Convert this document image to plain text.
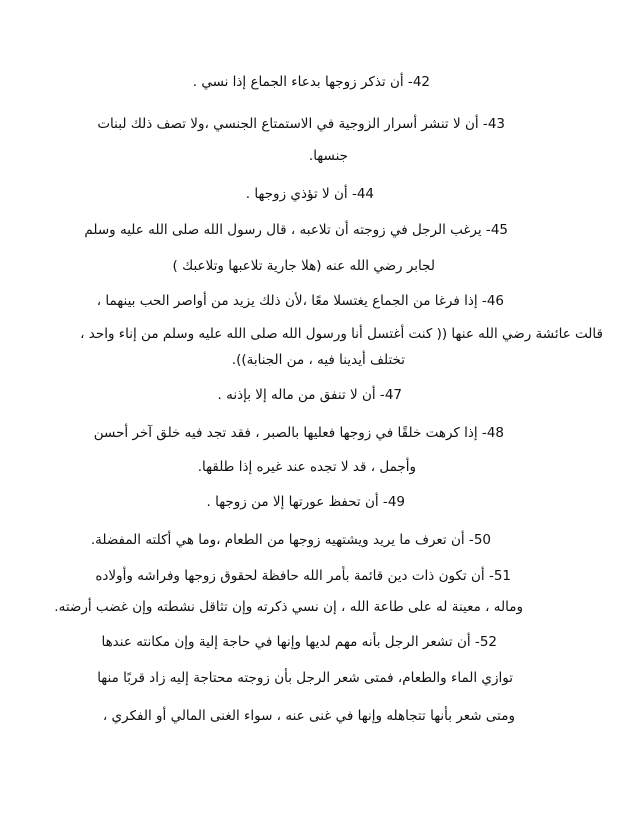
42- أن تذكر زوجها بدعاء الجماع إذا نسي .
43- أن لا تنشر أسرار الزوجية في الاستمتاع الجنسي ،ولا تصف ذلك لبنات
جنسها.
44- أن لا تؤذي زوجها .
45- يرغب الرجل في زوجته أن تلاعبه ، قال رسول الله صلى الله عليه وسلم
لجابر رضي الله عنه (هلا جارية تلاعبها وتلاعبك )
46- إذا فرغا من الجماع يغتسلا معًا ،لأن ذلك يزيد من أواصر الحب بينهما ،
قالت عائشة رضي الله عنها (( كنت أغتسل أنا ورسول الله صلى الله عليه وسلم من إناء واحد ،
تختلف أيدينا فيه ، من الجنابة)).
47- أن لا تنفق من ماله إلا بإذنه .
48- إذا كرهت خلقًا في زوجها فعليها بالصبر ، فقد تجد فيه خلق آخر أحسن
وأجمل ، قد لا تجده عند غيره إذا طلقها.
49- أن تحفظ عورتها إلا من زوجها .
50- أن تعرف ما يريد ويشتهيه زوجها من الطعام ،وما هي أكلته المفضلة.
51- أن تكون ذات دين قائمة بأمر الله حافظة لحقوق زوجها وفراشه وأولاده
وماله ، معينة له على طاعة الله ، إن نسي ذكرته وإن تثاقل نشطته وإن غضب أرضته.
52- أن تشعر الرجل بأنه مهم لديها وإنها في حاجة إلية وإن مكانته عندها
توازي الماء والطعام، فمتى شعر الرجل بأن زوجته محتاجة إليه زاد قربًا منها
ومتى شعر بأنها تتجاهله وإنها في غنى عنه ، سواء الغنى المالي أو الفكري ،
